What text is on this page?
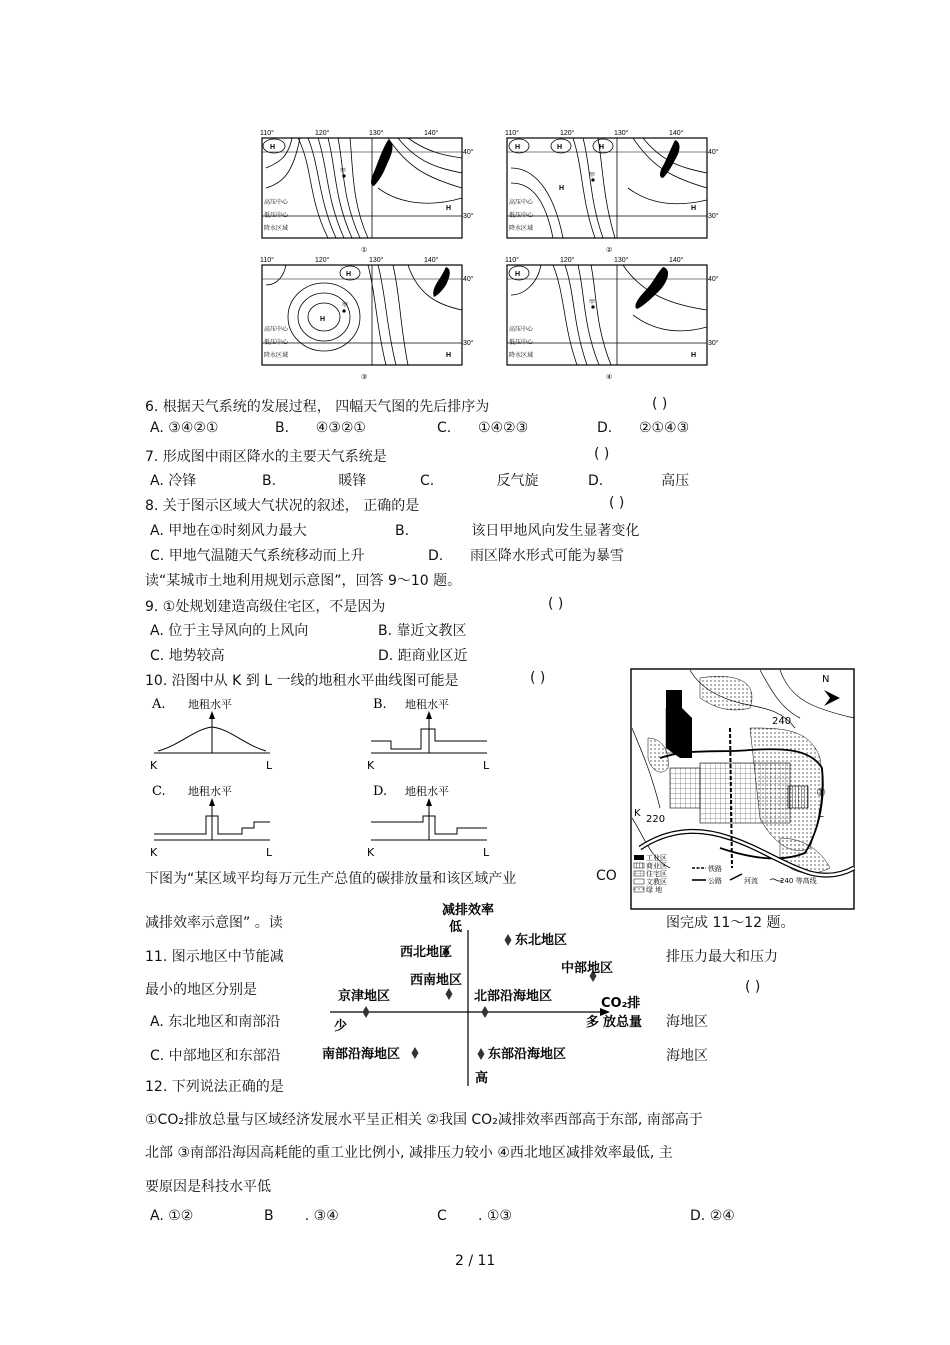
110°	120°	130°	140°
40°
30°
H
H
甲
高压中心
低压中心
降水区域
①
110°	120°	130°	140°
40°
30°
H	H	H
H
H
甲
高压中心
低压中心
降水区域
②
110°	120°	130°	140°
40°
30°
H
H
H
甲
高压中心
低压中心
降水区域
③
110°	120°	130°	140°
40°
30°
H
H
甲
高压中心
低压中心
降水区域
④
6. 根据天气系统的发展过程， 四幅天气图的先后排序为	( )
A. ③④②①	B. ④③②①	C. ①④②③	D. ②①④③
7. 形成图中雨区降水的主要天气系统是	( )
A. 冷锋	B.	暖锋	C.	反气旋	D.	高压
8. 关于图示区域大气状况的叙述， 正确的是	( )
A. 甲地在①时刻风力最大	B.	该日甲地风向发生显著变化
C. 甲地气温随天气系统移动而上升	D. 雨区降水形式可能为暴雪
读“某城市土地利用规划示意图”，回答 9～10 题。
9. ①处规划建造高级住宅区，不是因为	( )
A. 位于主导风向的上风向	B. 靠近文教区
C. 地势较高	D. 距商业区近
10. 沿图中从 K 到 L 一线的地租水平曲线图可能是	( )
A. 地租水平
K	L
B. 地租水平
K	L
C. 地租水平
K	L
D. 地租水平
K	L
N
240
220
K	L
①
工业区
商业区
住宅区
文教区
绿 地
铁路
公路	河流	240 等高线
下图为“某区域平均每万元生产总值的碳排放量和该区域产业	CO
减排效率示意图” 。读	图完成 11～12 题。
减排效率
低
高
少	多
CO₂排
放总量
西北地区
东北地区
中部地区
西南地区
京津地区	北部沿海地区
南部沿海地区	东部沿海地区
11. 图示地区中节能减	排压力最大和压力
最小的地区分别是	( )
A. 东北地区和南部沿	海地区
C. 中部地区和东部沿	海地区
12. 下列说法正确的是
①CO₂排放总量与区域经济发展水平呈正相关 ②我国 CO₂减排效率西部高于东部, 南部高于
北部 ③南部沿海因高耗能的重工业比例小, 减排压力较小 ④西北地区减排效率最低, 主
要原因是科技水平低
A. ①②	B . ③④	C . ①③	D. ②④
2 / 11
